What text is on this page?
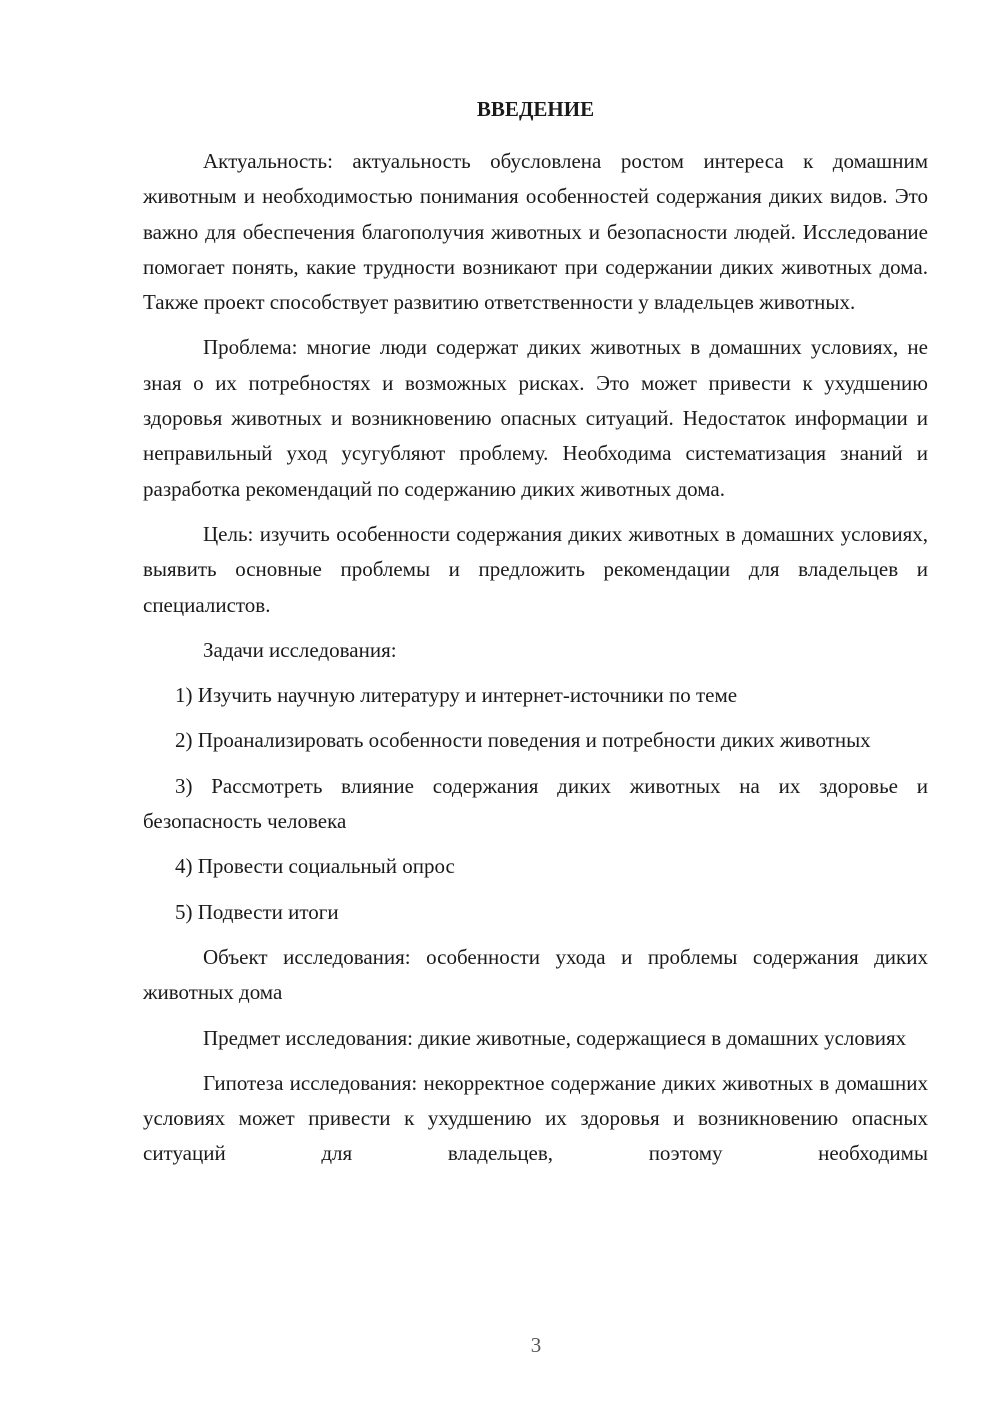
ВВЕДЕНИЕ

Актуальность: актуальность обусловлена ростом интереса к домашним животным и необходимостью понимания особенностей содержания диких видов. Это важно для обеспечения благополучия животных и безопасности людей. Исследование помогает понять, какие трудности возникают при содержании диких животных дома. Также проект способствует развитию ответственности у владельцев животных.

Проблема: многие люди содержат диких животных в домашних условиях, не зная о их потребностях и возможных рисках. Это может привести к ухудшению здоровья животных и возникновению опасных ситуаций. Недостаток информации и неправильный уход усугубляют проблему. Необходима систематизация знаний и разработка рекомендаций по содержанию диких животных дома.

Цель: изучить особенности содержания диких животных в домашних условиях, выявить основные проблемы и предложить рекомендации для владельцев и специалистов.

Задачи исследования:

1) Изучить научную литературу и интернет-источники по теме

2) Проанализировать особенности поведения и потребности диких животных

3) Рассмотреть влияние содержания диких животных на их здоровье и безопасность человека

4) Провести социальный опрос

5) Подвести итоги

Объект исследования: особенности ухода и проблемы содержания диких животных дома

Предмет исследования: дикие животные, содержащиеся в домашних условиях

Гипотеза исследования: некорректное содержание диких животных в домашних условиях может привести к ухудшению их здоровья и возникновению опасных ситуаций для владельцев, поэтому необходимы

3
